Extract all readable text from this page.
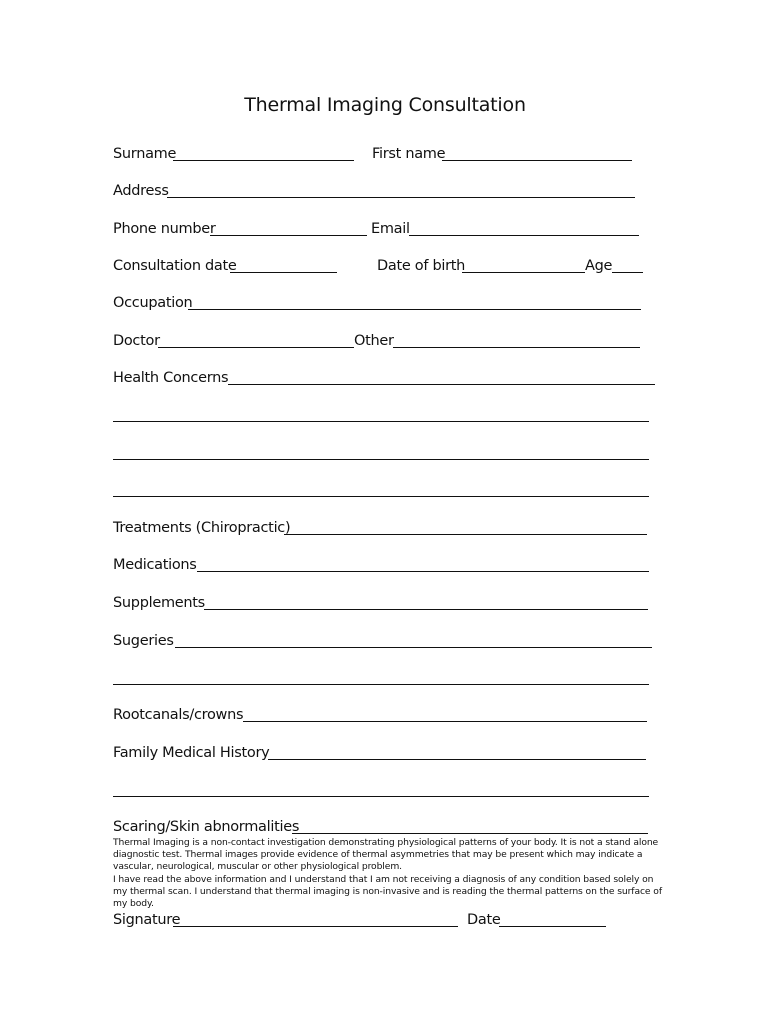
Thermal Imaging Consultation
Surname	First name
Address
Phone number	Email
Consultation date	Date of birth	Age
Occupation
Doctor	Other
Health Concerns
Treatments (Chiropractic)
Medications
Supplements
Sugeries
Rootcanals/crowns
Family Medical History
Scaring/Skin abnormalities

Thermal Imaging is a non-contact investigation demonstrating physiological patterns of your body. It is not a stand alone diagnostic test. Thermal images provide evidence of thermal asymmetries that may be present which may indicate a vascular, neurological, muscular or other physiological problem.

I have read the above information and I understand that I am not receiving a diagnosis of any condition based solely on my thermal scan. I understand that thermal imaging is non-invasive and is reading the thermal patterns on the surface of my body.

Signature	Date
